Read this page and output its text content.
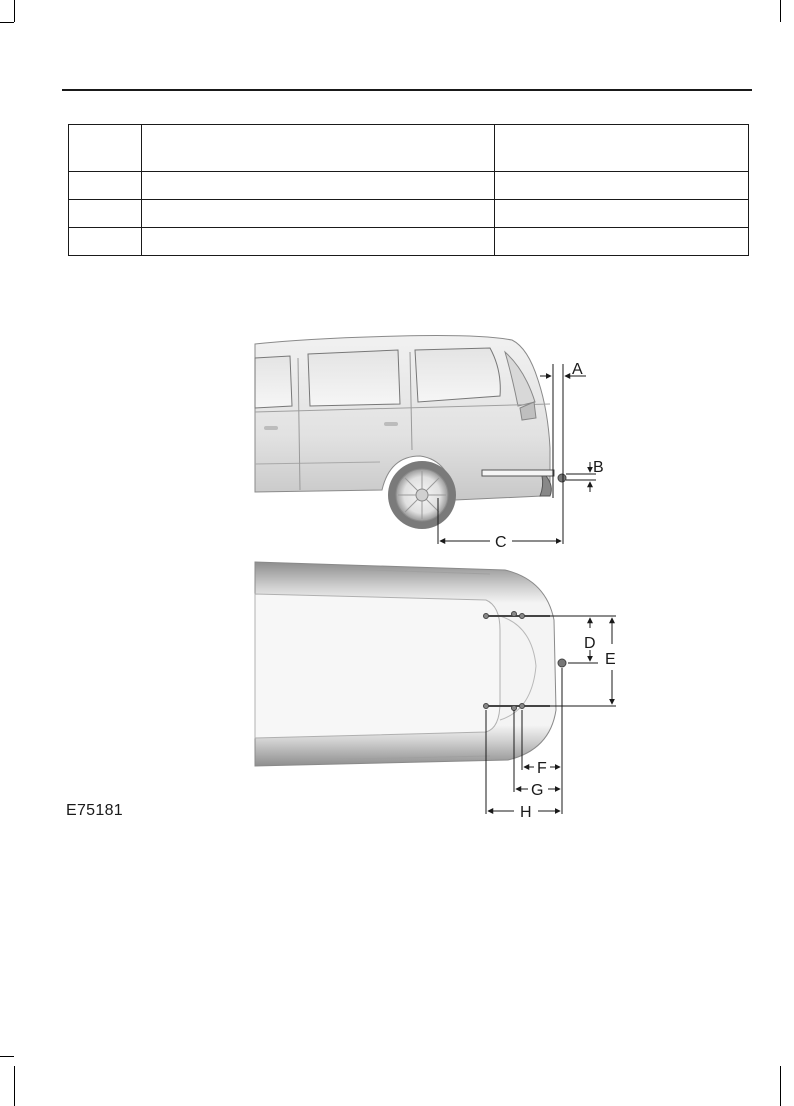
A
B
C
D
E
F
G
H
E75181
